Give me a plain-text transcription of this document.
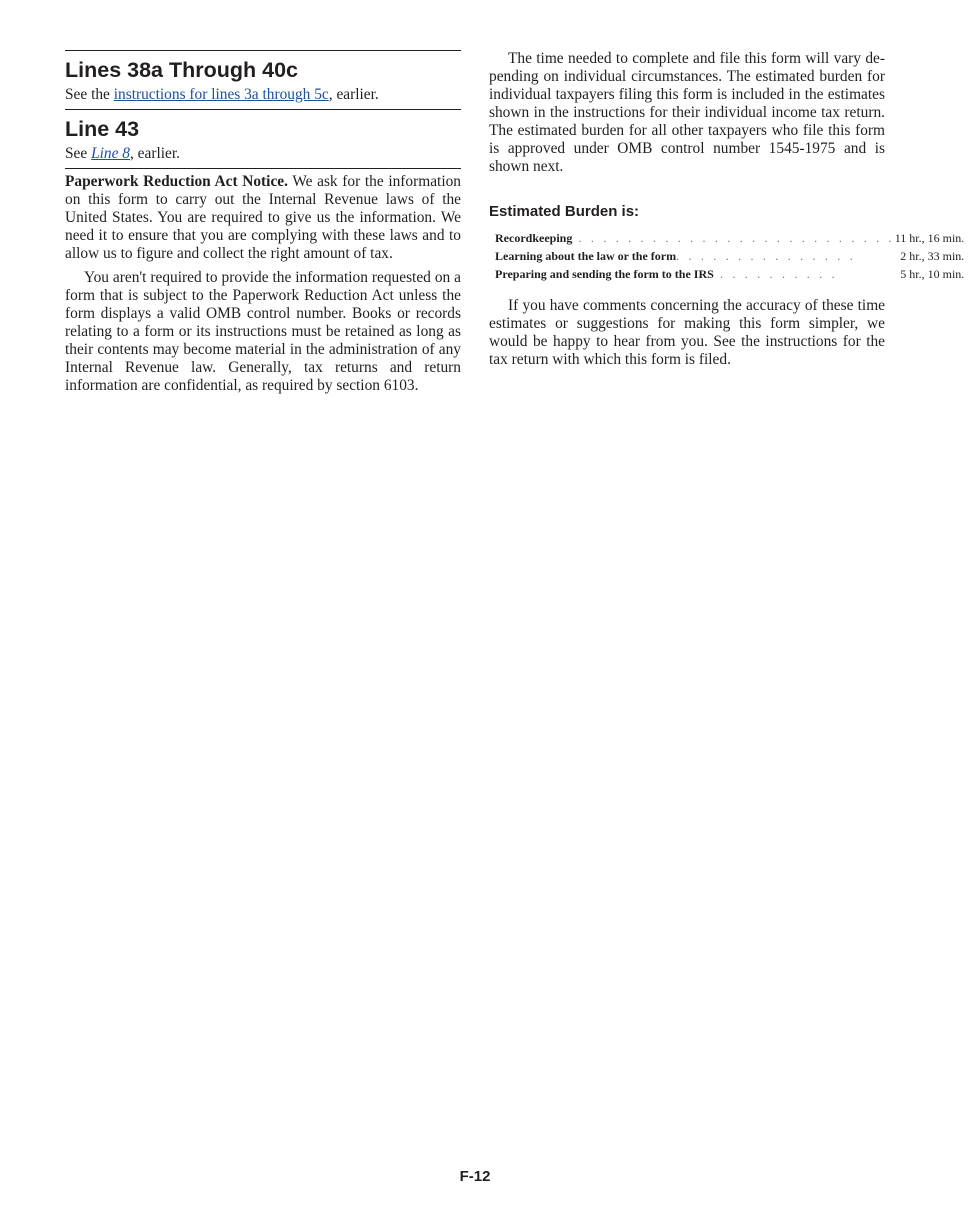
Lines 38a Through 40c

See the instructions for lines 3a through 5c, earlier.

Line 43

See Line 8, earlier.

Paperwork Reduction Act Notice. We ask for the information on this form to carry out the Internal Revenue laws of the United States. You are required to give us the information. We need it to ensure that you are complying with these laws and to allow us to figure and collect the right amount of tax.

You aren't required to provide the information requested on a form that is subject to the Paperwork Reduction Act unless the form displays a valid OMB control number. Books or records relating to a form or its instructions must be retained as long as their contents may become material in the administration of any Internal Revenue law. Generally, tax returns and return information are confidential, as required by section 6103.

The time needed to complete and file this form will vary depending on individual circumstances. The estimated burden for individual taxpayers filing this form is included in the estimates shown in the instructions for their individual income tax return. The estimated burden for all other taxpayers who file this form is approved under OMB control number 1545-1975 and is shown next.

Estimated Burden is:
Recordkeeping . . . . . . . . . . . . . . . . . . . . . . . . . .	11 hr., 16 min.
Learning about the law or the form. . . . . . . . . . . . . . .	2 hr., 33 min.
Preparing and sending the form to the IRS . . . . . . . . . .	5 hr., 10 min.

If you have comments concerning the accuracy of these time estimates or suggestions for making this form simpler, we would be happy to hear from you. See the instructions for the tax return with which this form is filed.

F-12
